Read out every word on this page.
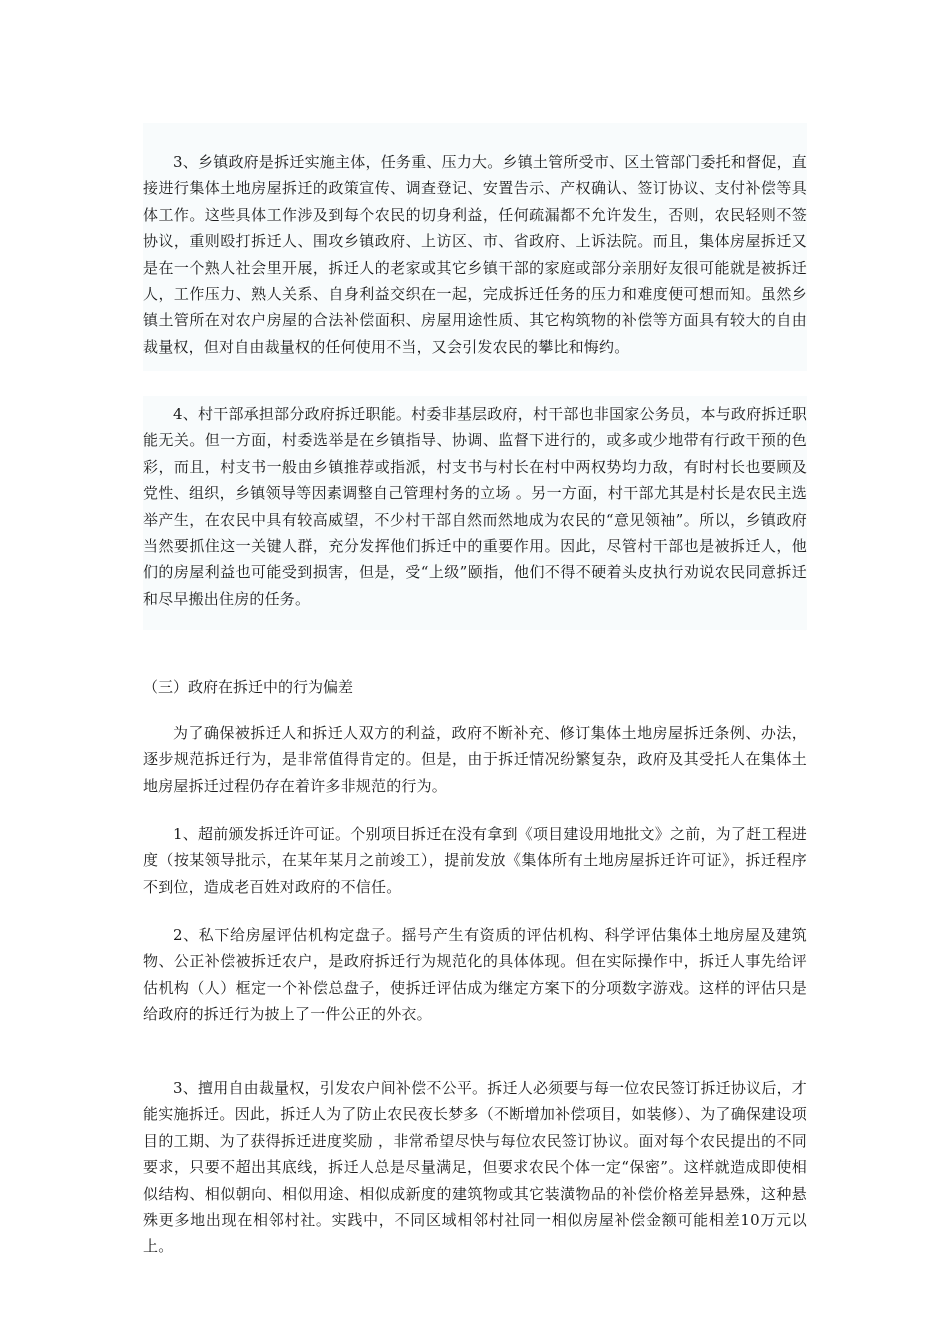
3、乡镇政府是拆迁实施主体，任务重、压力大。乡镇土管所受市、区土管部门委托和督促，直接进行集体土地房屋拆迁的政策宣传、调查登记、安置告示、产权确认、签订协议、支付补偿等具体工作。这些具体工作涉及到每个农民的切身利益，任何疏漏都不允许发生，否则，农民轻则不签协议，重则殴打拆迁人、围攻乡镇政府、上访区、市、省政府、上诉法院。而且，集体房屋拆迁又是在一个熟人社会里开展，拆迁人的老家或其它乡镇干部的家庭或部分亲朋好友很可能就是被拆迁人，工作压力、熟人关系、自身利益交织在一起，完成拆迁任务的压力和难度便可想而知。虽然乡镇土管所在对农户房屋的合法补偿面积、房屋用途性质、其它构筑物的补偿等方面具有较大的自由裁量权，但对自由裁量权的任何使用不当，又会引发农民的攀比和悔约。

4、村干部承担部分政府拆迁职能。村委非基层政府，村干部也非国家公务员，本与政府拆迁职能无关。但一方面，村委选举是在乡镇指导、协调、监督下进行的，或多或少地带有行政干预的色彩，而且，村支书一般由乡镇推荐或指派，村支书与村长在村中两权势均力敌，有时村长也要顾及党性、组织，乡镇领导等因素调整自己管理村务的立场 。另一方面，村干部尤其是村长是农民主选举产生，在农民中具有较高威望，不少村干部自然而然地成为农民的“意见领袖”。所以，乡镇政府当然要抓住这一关键人群，充分发挥他们拆迁中的重要作用。因此，尽管村干部也是被拆迁人，他们的房屋利益也可能受到损害，但是，受“上级”颐指，他们不得不硬着头皮执行劝说农民同意拆迁和尽早搬出住房的任务。

（三）政府在拆迁中的行为偏差

为了确保被拆迁人和拆迁人双方的利益，政府不断补充、修订集体土地房屋拆迁条例、办法，逐步规范拆迁行为，是非常值得肯定的。但是，由于拆迁情况纷繁复杂，政府及其受托人在集体土地房屋拆迁过程仍存在着许多非规范的行为。

1、超前颁发拆迁许可证。个别项目拆迁在没有拿到《项目建设用地批文》之前，为了赶工程进度（按某领导批示，在某年某月之前竣工），提前发放《集体所有土地房屋拆迁许可证》，拆迁程序不到位，造成老百姓对政府的不信任。

2、私下给房屋评估机构定盘子。摇号产生有资质的评估机构、科学评估集体土地房屋及建筑物、公正补偿被拆迁农户，是政府拆迁行为规范化的具体体现。但在实际操作中，拆迁人事先给评估机构（人）框定一个补偿总盘子，使拆迁评估成为继定方案下的分项数字游戏。这样的评估只是给政府的拆迁行为披上了一件公正的外衣。

3、擅用自由裁量权，引发农户间补偿不公平。拆迁人必须要与每一位农民签订拆迁协议后，才能实施拆迁。因此，拆迁人为了防止农民夜长梦多（不断增加补偿项目，如装修）、为了确保建设项目的工期、为了获得拆迁进度奖励 ，非常希望尽快与每位农民签订协议。面对每个农民提出的不同要求，只要不超出其底线，拆迁人总是尽量满足，但要求农民个体一定“保密”。这样就造成即使相似结构、相似朝向、相似用途、相似成新度的建筑物或其它装潢物品的补偿价格差异悬殊，这种悬殊更多地出现在相邻村社。实践中，不同区域相邻村社同一相似房屋补偿金额可能相差10万元以上。
